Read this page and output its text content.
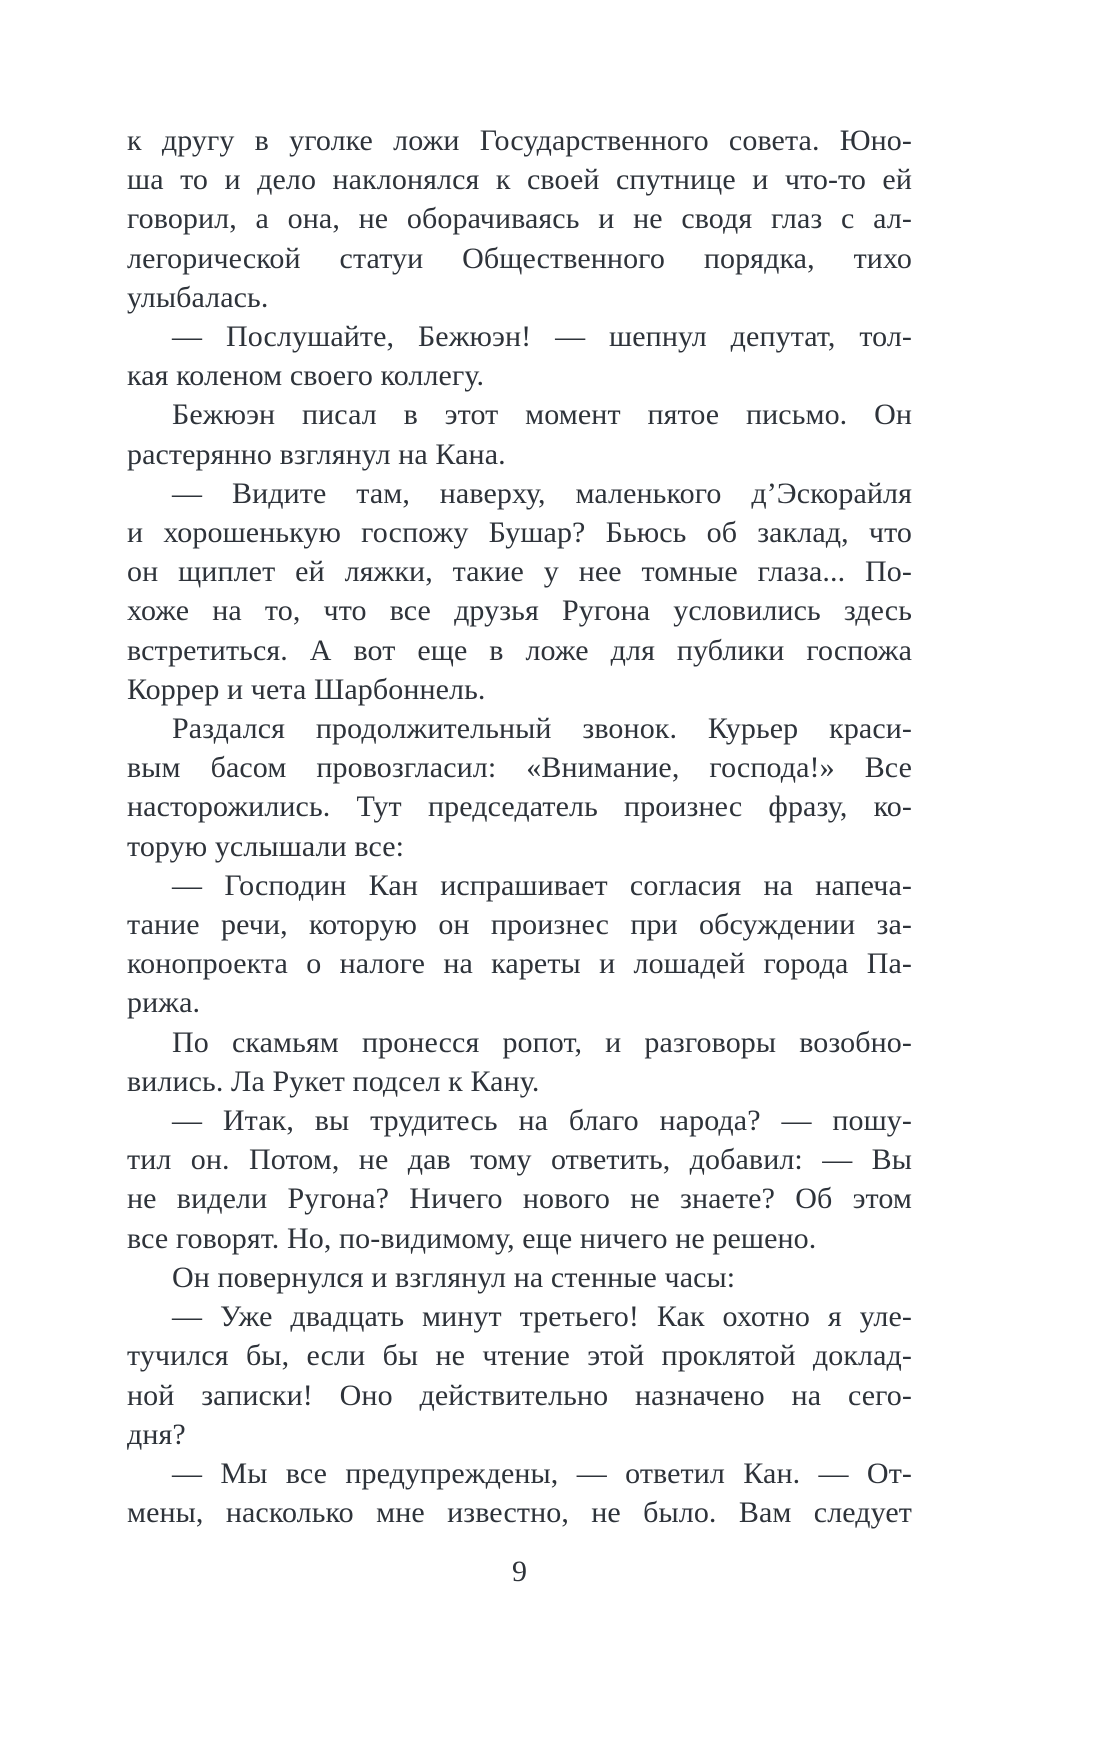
к другу в уголке ложи Государственного совета. Юно-
ша то и дело наклонялся к своей спутнице и что-то ей
говорил, а она, не оборачиваясь и не сводя глаз с ал-
легорической статуи Общественного порядка, тихо
улыбалась.
— Послушайте, Бежюэн! — шепнул депутат, тол-
кая коленом своего коллегу.
Бежюэн писал в этот момент пятое письмо. Он
растерянно взглянул на Кана.
— Видите там, наверху, маленького д’Эскорайля
и хорошенькую госпожу Бушар? Бьюсь об заклад, что
он щиплет ей ляжки, такие у нее томные глаза... По-
хоже на то, что все друзья Ругона условились здесь
встретиться. А вот еще в ложе для публики госпожа
Коррер и чета Шарбоннель.
Раздался продолжительный звонок. Курьер краси-
вым басом провозгласил: «Внимание, господа!» Все
насторожились. Тут председатель произнес фразу, ко-
торую услышали все:
— Господин Кан испрашивает согласия на напеча-
тание речи, которую он произнес при обсуждении за-
конопроекта о налоге на кареты и лошадей города Па-
рижа.
По скамьям пронесся ропот, и разговоры возобно-
вились. Ла Рукет подсел к Кану.
— Итак, вы трудитесь на благо народа? — пошу-
тил он. Потом, не дав тому ответить, добавил: — Вы
не видели Ругона? Ничего нового не знаете? Об этом
все говорят. Но, по-видимому, еще ничего не решено.
Он повернулся и взглянул на стенные часы:
— Уже двадцать минут третьего! Как охотно я уле-
тучился бы, если бы не чтение этой проклятой доклад-
ной записки! Оно действительно назначено на сего-
дня?
— Мы все предупреждены, — ответил Кан. — От-
мены, насколько мне известно, не было. Вам следует
9
